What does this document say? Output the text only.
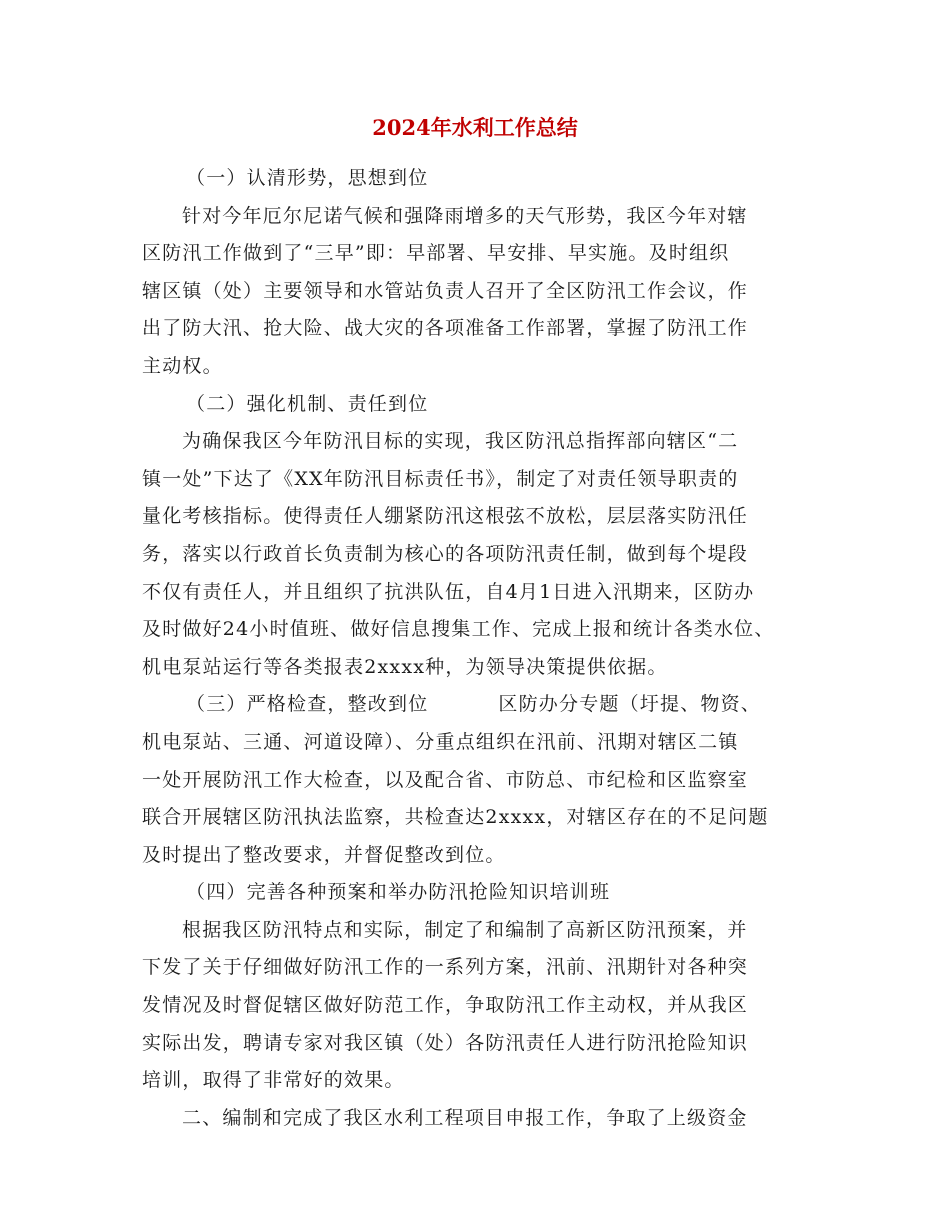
2024年水利工作总结
（一）认清形势，思想到位
针对今年厄尔尼诺气候和强降雨增多的天气形势，我区今年对辖
区防汛工作做到了“三早”即：早部署、早安排、早实施。及时组织
辖区镇（处）主要领导和水管站负责人召开了全区防汛工作会议，作
出了防大汛、抢大险、战大灾的各项准备工作部署，掌握了防汛工作
主动权。
（二）强化机制、责任到位
为确保我区今年防汛目标的实现，我区防汛总指挥部向辖区“二
镇一处”下达了《XX年防汛目标责任书》，制定了对责任领导职责的
量化考核指标。使得责任人绷紧防汛这根弦不放松，层层落实防汛任
务，落实以行政首长负责制为核心的各项防汛责任制，做到每个堤段
不仅有责任人，并且组织了抗洪队伍，自4月1日进入汛期来，区防办
及时做好24小时值班、做好信息搜集工作、完成上报和统计各类水位、
机电泵站运行等各类报表2xxxx种，为领导决策提供依据。
（三）严格检查，整改到位	区防办分专题（圩提、物资、
机电泵站、三通、河道设障）、分重点组织在汛前、汛期对辖区二镇
一处开展防汛工作大检查，以及配合省、市防总、市纪检和区监察室
联合开展辖区防汛执法监察，共检查达2xxxx，对辖区存在的不足问题
及时提出了整改要求，并督促整改到位。
（四）完善各种预案和举办防汛抢险知识培训班
根据我区防汛特点和实际，制定了和编制了高新区防汛预案，并
下发了关于仔细做好防汛工作的一系列方案，汛前、汛期针对各种突
发情况及时督促辖区做好防范工作，争取防汛工作主动权，并从我区
实际出发，聘请专家对我区镇（处）各防汛责任人进行防汛抢险知识
培训，取得了非常好的效果。
二、编制和完成了我区水利工程项目申报工作，争取了上级资金
